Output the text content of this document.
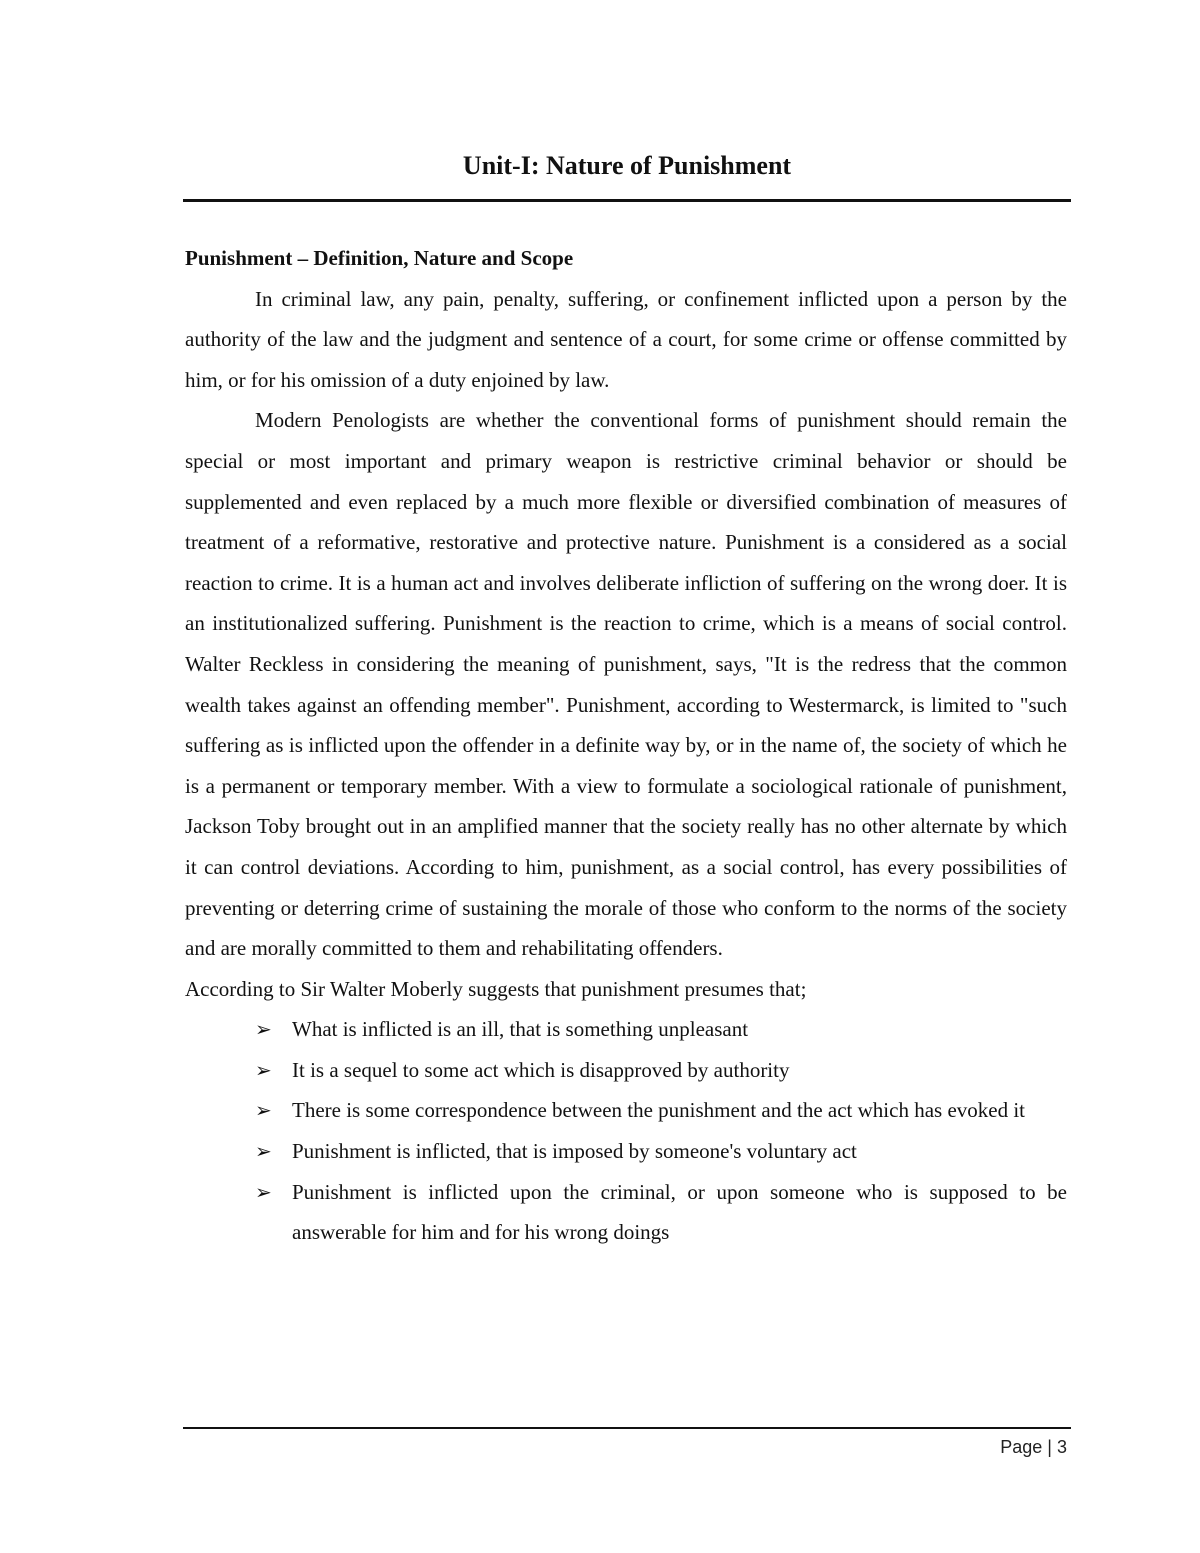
Unit-I: Nature of Punishment
Punishment – Definition, Nature and Scope

In criminal law, any pain, penalty, suffering, or confinement inflicted upon a person by the authority of the law and the judgment and sentence of a court, for some crime or offense committed by him, or for his omission of a duty enjoined by law.

Modern Penologists are whether the conventional forms of punishment should remain the special or most important and primary weapon is restrictive criminal behavior or should be supplemented and even replaced by a much more flexible or diversified combination of measures of treatment of a reformative, restorative and protective nature. Punishment is a considered as a social reaction to crime. It is a human act and involves deliberate infliction of suffering on the wrong doer. It is an institutionalized suffering. Punishment is the reaction to crime, which is a means of social control. Walter Reckless in considering the meaning of punishment, says, "It is the redress that the common wealth takes against an offending member". Punishment, according to Westermarck, is limited to "such suffering as is inflicted upon the offender in a definite way by, or in the name of, the society of which he is a permanent or temporary member. With a view to formulate a sociological rationale of punishment, Jackson Toby brought out in an amplified manner that the society really has no other alternate by which it can control deviations. According to him, punishment, as a social control, has every possibilities of preventing or deterring crime of sustaining the morale of those who conform to the norms of the society and are morally committed to them and rehabilitating offenders.

According to Sir Walter Moberly suggests that punishment presumes that;

➢ What is inflicted is an ill, that is something unpleasant
➢ It is a sequel to some act which is disapproved by authority
➢ There is some correspondence between the punishment and the act which has evoked it
➢ Punishment is inflicted, that is imposed by someone's voluntary act
➢ Punishment is inflicted upon the criminal, or upon someone who is supposed to be answerable for him and for his wrong doings
Page | 3
